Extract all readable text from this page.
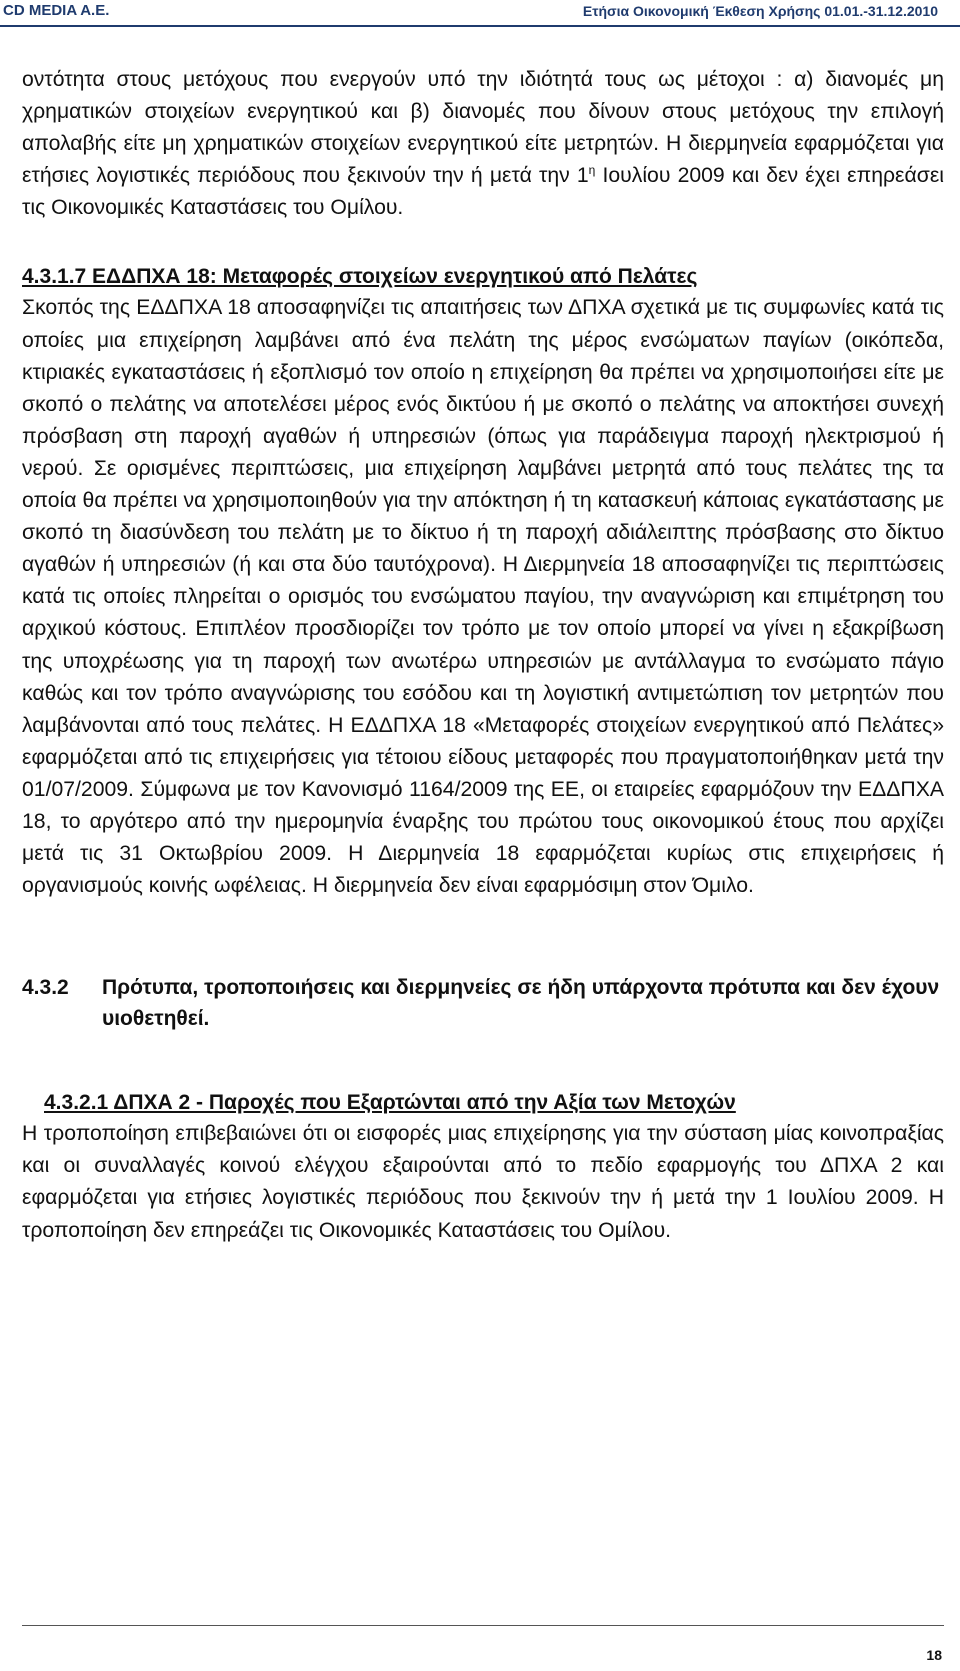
CD MEDIA A.E.	Ετήσια Οικονομική Έκθεση Χρήσης 01.01.-31.12.2010

οντότητα στους μετόχους που ενεργούν υπό την ιδιότητά τους ως μέτοχοι : α) διανομές μη χρηματικών στοιχείων ενεργητικού και β) διανομές που δίνουν στους μετόχους την επιλογή απολαβής είτε μη χρηματικών στοιχείων ενεργητικού είτε μετρητών. Η διερμηνεία εφαρμόζεται για ετήσιες λογιστικές περιόδους που ξεκινούν την ή μετά την $1^\eta$ Ιουλίου 2009 και δεν έχει επηρεάσει τις Οικονομικές Καταστάσεις του Ομίλου.

4.3.1.7 ΕΔΔΠΧΑ 18: Μεταφορές στοιχείων ενεργητικού από Πελάτες

Σκοπός της ΕΔΔΠΧΑ 18 αποσαφηνίζει τις απαιτήσεις των ΔΠΧΑ σχετικά με τις συμφωνίες κατά τις οποίες μια επιχείρηση λαμβάνει από ένα πελάτη της μέρος ενσώματων παγίων (οικόπεδα, κτιριακές εγκαταστάσεις ή εξοπλισμό τον οποίο η επιχείρηση θα πρέπει να χρησιμοποιήσει είτε με σκοπό ο πελάτης να αποτελέσει μέρος ενός δικτύου ή με σκοπό ο πελάτης να αποκτήσει συνεχή πρόσβαση στη παροχή αγαθών ή υπηρεσιών (όπως για παράδειγμα παροχή ηλεκτρισμού ή νερού. Σε ορισμένες περιπτώσεις, μια επιχείρηση λαμβάνει μετρητά από τους πελάτες της τα οποία θα πρέπει να χρησιμοποιηθούν για την απόκτηση ή τη κατασκευή κάποιας εγκατάστασης με σκοπό τη διασύνδεση του πελάτη με το δίκτυο ή τη παροχή αδιάλειπτης πρόσβασης στο δίκτυο αγαθών ή υπηρεσιών (ή και στα δύο ταυτόχρονα). Η Διερμηνεία 18 αποσαφηνίζει τις περιπτώσεις κατά τις οποίες πληρείται ο ορισμός του ενσώματου παγίου, την αναγνώριση και επιμέτρηση του αρχικού κόστους. Επιπλέον προσδιορίζει τον τρόπο με τον οποίο μπορεί να γίνει η εξακρίβωση της υποχρέωσης για τη παροχή των ανωτέρω υπηρεσιών με αντάλλαγμα το ενσώματο πάγιο καθώς και τον τρόπο αναγνώρισης του εσόδου και τη λογιστική αντιμετώπιση τον μετρητών που λαμβάνονται από τους πελάτες. Η ΕΔΔΠΧΑ 18 «Μεταφορές στοιχείων ενεργητικού από Πελάτες» εφαρμόζεται από τις επιχειρήσεις για τέτοιου είδους μεταφορές που πραγματοποιήθηκαν μετά την 01/07/2009. Σύμφωνα με τον Κανονισμό 1164/2009 της ΕΕ, οι εταιρείες εφαρμόζουν την ΕΔΔΠΧΑ 18, το αργότερο από την ημερομηνία έναρξης του πρώτου τους οικονομικού έτους που αρχίζει μετά τις 31 Οκτωβρίου 2009. Η Διερμηνεία 18 εφαρμόζεται κυρίως στις επιχειρήσεις ή οργανισμούς κοινής ωφέλειας. Η διερμηνεία δεν είναι εφαρμόσιμη στον Όμιλο.

4.3.2	Πρότυπα, τροποποιήσεις και διερμηνείες σε ήδη υπάρχοντα πρότυπα και δεν έχουν υιοθετηθεί.
4.3.2.1 ΔΠΧΑ 2 - Παροχές που Εξαρτώνται από την Αξία των Μετοχών

Η τροποποίηση επιβεβαιώνει ότι οι εισφορές μιας επιχείρησης για την σύσταση μίας κοινοπραξίας και οι συναλλαγές κοινού ελέγχου εξαιρούνται από το πεδίο εφαρμογής του ΔΠΧΑ 2 και εφαρμόζεται για ετήσιες λογιστικές περιόδους που ξεκινούν την ή μετά την 1 Ιουλίου 2009. Η τροποποίηση δεν επηρεάζει τις Οικονομικές Καταστάσεις του Ομίλου.

18
